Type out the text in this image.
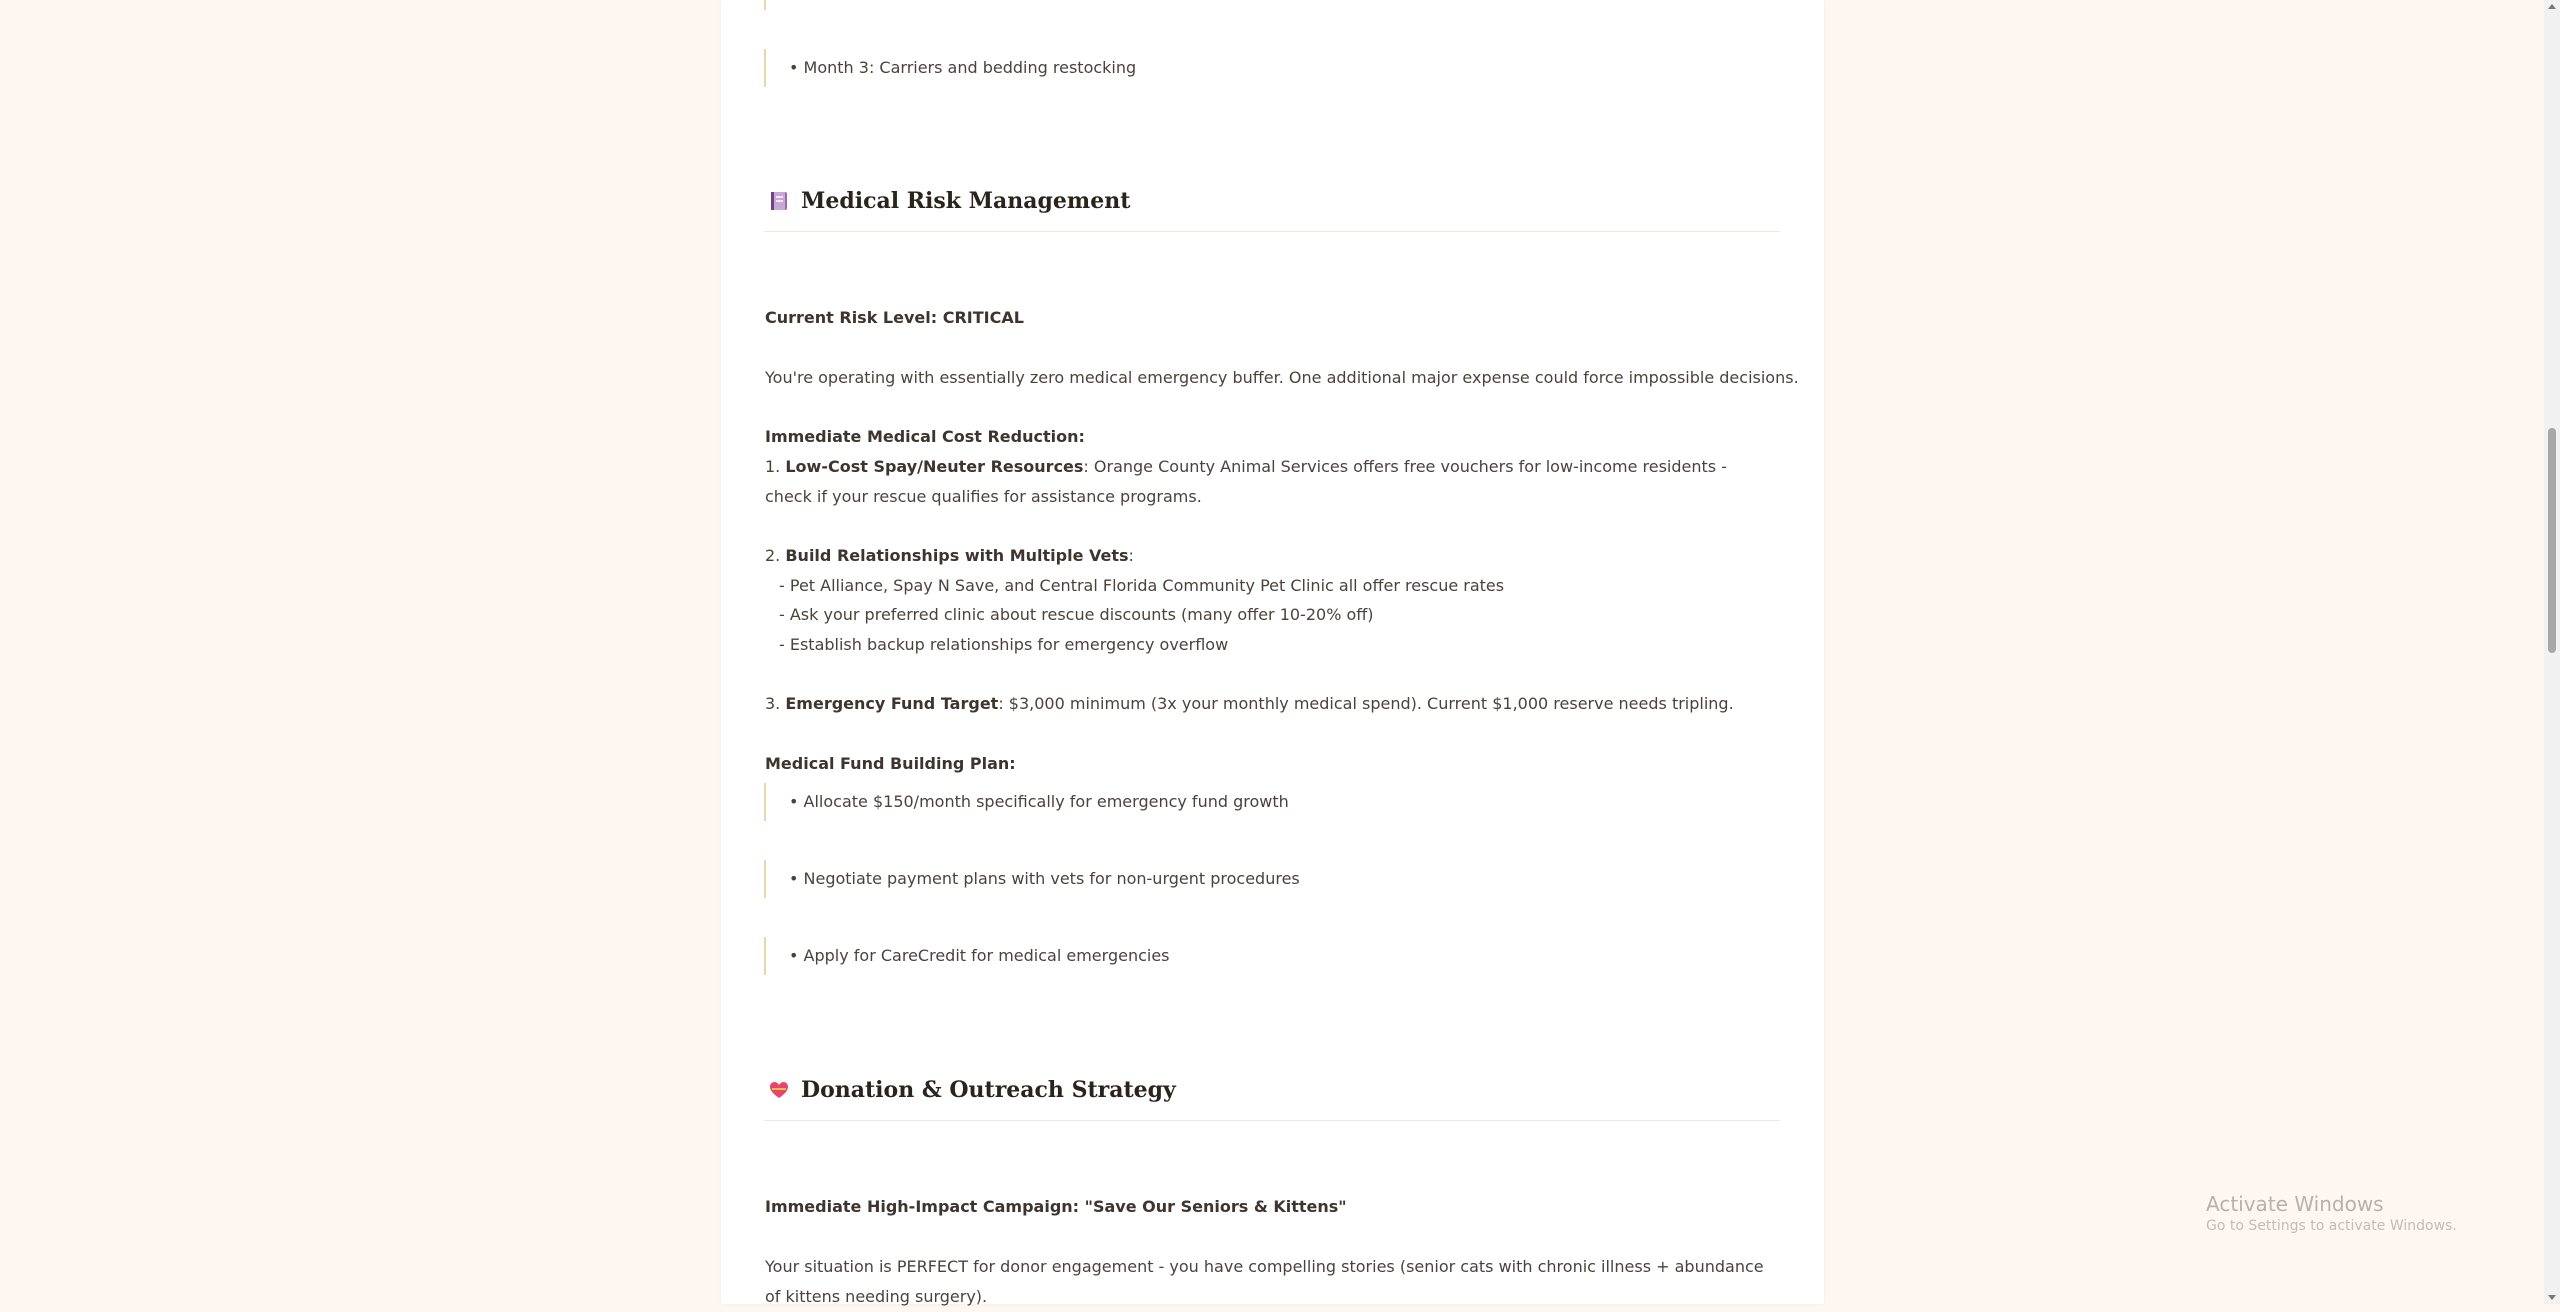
• Month 3: Carriers and bedding restocking
Medical Risk Management
Current Risk Level: CRITICAL
You're operating with essentially zero medical emergency buffer. One additional major expense could force impossible decisions.
Immediate Medical Cost Reduction:
1. Low-Cost Spay/Neuter Resources: Orange County Animal Services offers free vouchers for low-income residents - check if your rescue qualifies for assistance programs.
2. Build Relationships with Multiple Vets:
- Pet Alliance, Spay N Save, and Central Florida Community Pet Clinic all offer rescue rates
- Ask your preferred clinic about rescue discounts (many offer 10-20% off)
- Establish backup relationships for emergency overflow
3. Emergency Fund Target: $3,000 minimum (3x your monthly medical spend). Current $1,000 reserve needs tripling.
Medical Fund Building Plan:
• Allocate $150/month specifically for emergency fund growth
• Negotiate payment plans with vets for non-urgent procedures
• Apply for CareCredit for medical emergencies
Donation & Outreach Strategy
Immediate High-Impact Campaign: "Save Our Seniors & Kittens"
Your situation is PERFECT for donor engagement - you have compelling stories (senior cats with chronic illness + abundance of kittens needing surgery).
Activate Windows
Go to Settings to activate Windows.
